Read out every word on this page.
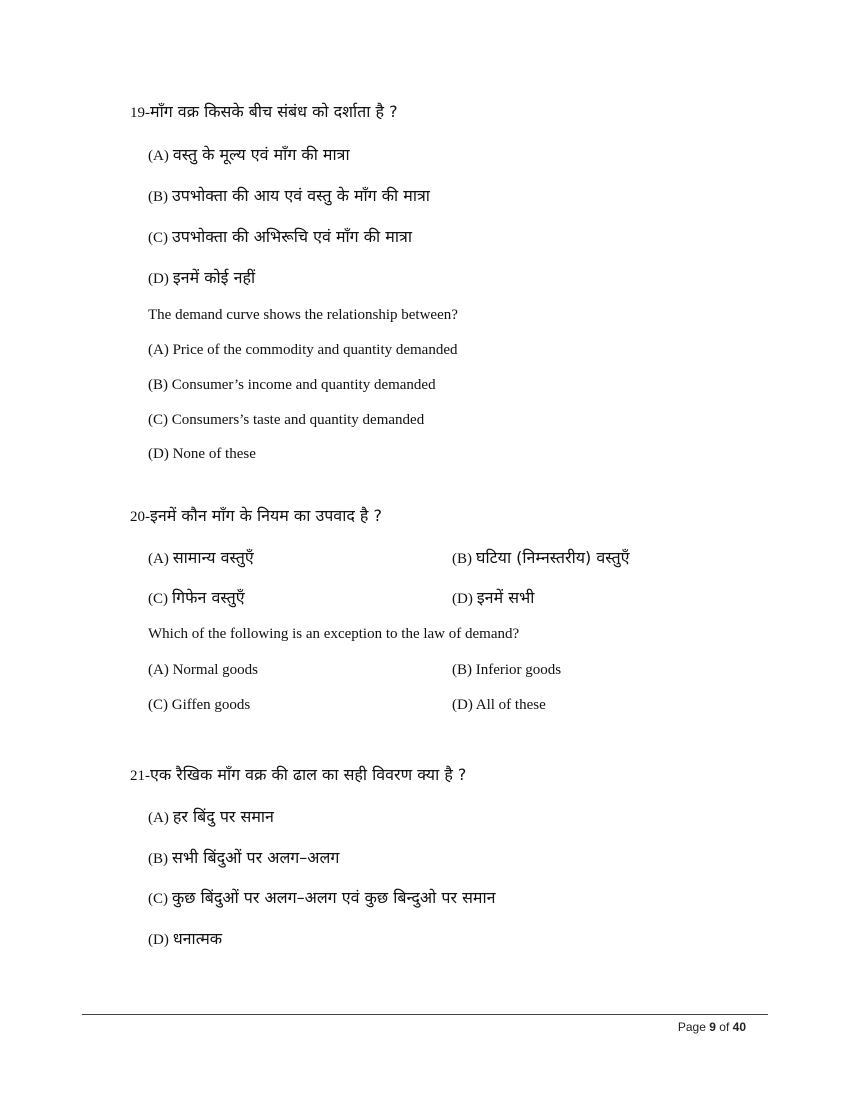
19-माँग वक्र किसके बीच संबंध को दर्शाता है ?
(A) वस्तु के मूल्य एवं माँग की मात्रा
(B) उपभोक्ता की आय एवं वस्तु के माँग की मात्रा
(C) उपभोक्ता की अभिरूचि एवं माँग की मात्रा
(D) इनमें कोई नहीं
The demand curve shows the relationship between?
(A) Price of the commodity and quantity demanded
(B) Consumer’s income and quantity demanded
(C) Consumers’s taste and quantity demanded
(D) None of these
20-इनमें कौन माँग के नियम का उपवाद है ?
(A) सामान्य वस्तुएँ	(B) घटिया (निम्नस्तरीय) वस्तुएँ
(C) गिफेन वस्तुएँ	(D) इनमें सभी
Which of the following is an exception to the law of demand?
(A) Normal goods	(B) Inferior goods
(C) Giffen goods	(D) All of these
21-एक रैखिक माँग वक्र की ढाल का सही विवरण क्या है ?
(A) हर बिंदु पर समान
(B) सभी बिंदुओं पर अलग–अलग
(C) कुछ बिंदुओं पर अलग–अलग एवं कुछ बिन्दुओ पर समान
(D) धनात्मक
Page 9 of 40
